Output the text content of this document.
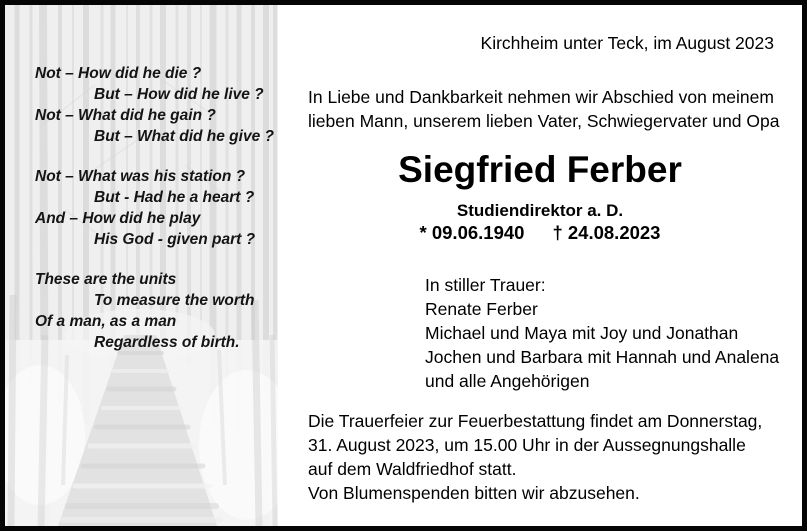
Not – How did he die ?
But – How did he live ?
Not – What did he gain ?
But – What did he give ?
Not – What was his station ?
But - Had he a heart ?
And – How did he play
His God - given part ?
These are the units
To measure the worth
Of a man, as a man
Regardless of birth.
Kirchheim unter Teck, im August 2023
In Liebe und Dankbarkeit nehmen wir Abschied von meinem
lieben Mann, unserem lieben Vater, Schwiegervater und Opa
Siegfried Ferber
Studiendirektor a. D.
* 09.06.1940 † 24.08.2023
In stiller Trauer:
Renate Ferber
Michael und Maya mit Joy und Jonathan
Jochen und Barbara mit Hannah und Analena
und alle Angehörigen
Die Trauerfeier zur Feuerbestattung findet am Donnerstag,
31. August 2023, um 15.00 Uhr in der Aussegnungshalle
auf dem Waldfriedhof statt.
Von Blumenspenden bitten wir abzusehen.
